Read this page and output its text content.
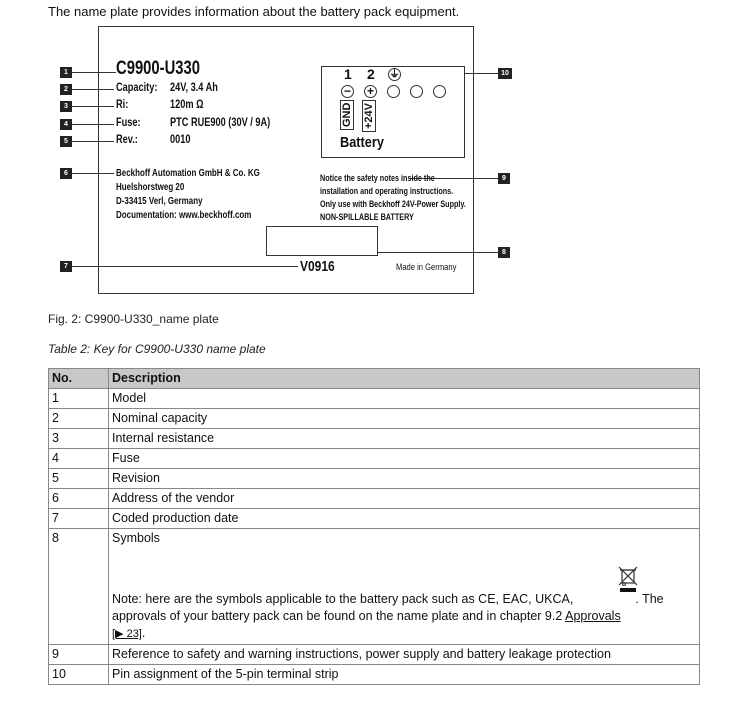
The name plate provides information about the battery pack equipment.
1
2
3
4
5
6
7
8
9
10
C9900-U330
Capacity: 24V, 3.4 Ah
Ri:	120m Ω
Fuse:	PTC RUE900 (30V / 9A)
Rev.:	0010
Beckhoff Automation GmbH & Co. KG
Huelshorstweg 20
D-33415 Verl, Germany
Documentation: www.beckhoff.com
Notice the safety notes inside the
installation and operating instructions.
Only use with Beckhoff 24V-Power Supply.
NON-SPILLABLE BATTERY
V0916	Made in Germany
1 2 ⏚
− +
GND +24V
Battery
Fig. 2: C9900-U330_name plate
Table 2: Key for C9900-U330 name plate
No.	Description
1	Model
2	Nominal capacity
3	Internal resistance
4	Fuse
5	Revision
6	Address of the vendor
7	Coded production date
8	Symbols
Note: here are the symbols applicable to the battery pack such as CE, EAC, UKCA, . The
approvals of your battery pack can be found on the name plate and in chapter 9.2 Approvals
[▶ 23].

9	Reference to safety and warning instructions, power supply and battery leakage protection
10	Pin assignment of the 5-pin terminal strip
